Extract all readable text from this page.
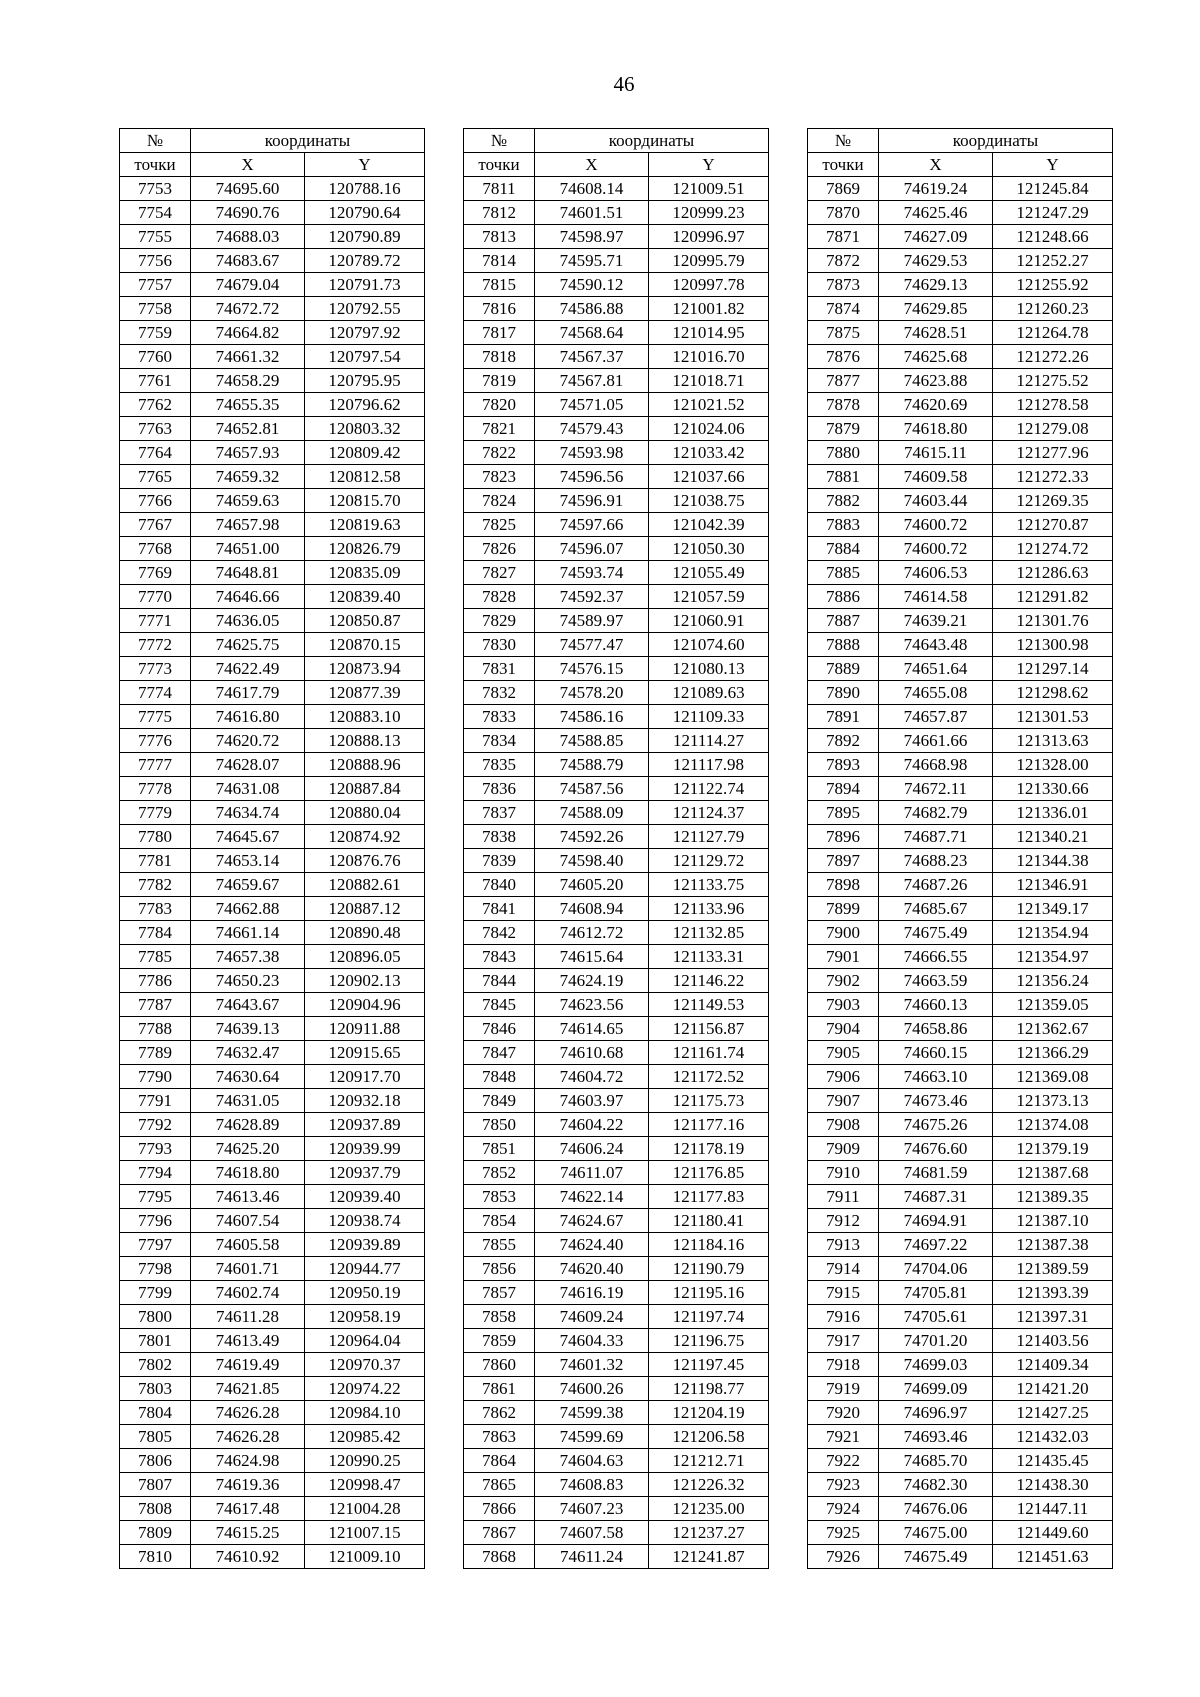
46
№	координаты	
точки	X	Y
7753	74695.60	120788.16
7754	74690.76	120790.64
7755	74688.03	120790.89
7756	74683.67	120789.72
7757	74679.04	120791.73
7758	74672.72	120792.55
7759	74664.82	120797.92
7760	74661.32	120797.54
7761	74658.29	120795.95
7762	74655.35	120796.62
7763	74652.81	120803.32
7764	74657.93	120809.42
7765	74659.32	120812.58
7766	74659.63	120815.70
7767	74657.98	120819.63
7768	74651.00	120826.79
7769	74648.81	120835.09
7770	74646.66	120839.40
7771	74636.05	120850.87
7772	74625.75	120870.15
7773	74622.49	120873.94
7774	74617.79	120877.39
7775	74616.80	120883.10
7776	74620.72	120888.13
7777	74628.07	120888.96
7778	74631.08	120887.84
7779	74634.74	120880.04
7780	74645.67	120874.92
7781	74653.14	120876.76
7782	74659.67	120882.61
7783	74662.88	120887.12
7784	74661.14	120890.48
7785	74657.38	120896.05
7786	74650.23	120902.13
7787	74643.67	120904.96
7788	74639.13	120911.88
7789	74632.47	120915.65
7790	74630.64	120917.70
7791	74631.05	120932.18
7792	74628.89	120937.89
7793	74625.20	120939.99
7794	74618.80	120937.79
7795	74613.46	120939.40
7796	74607.54	120938.74
7797	74605.58	120939.89
7798	74601.71	120944.77
7799	74602.74	120950.19
7800	74611.28	120958.19
7801	74613.49	120964.04
7802	74619.49	120970.37
7803	74621.85	120974.22
7804	74626.28	120984.10
7805	74626.28	120985.42
7806	74624.98	120990.25
7807	74619.36	120998.47
7808	74617.48	121004.28
7809	74615.25	121007.15
7810	74610.92	121009.10
№	координаты	
точки	X	Y
7811	74608.14	121009.51
7812	74601.51	120999.23
7813	74598.97	120996.97
7814	74595.71	120995.79
7815	74590.12	120997.78
7816	74586.88	121001.82
7817	74568.64	121014.95
7818	74567.37	121016.70
7819	74567.81	121018.71
7820	74571.05	121021.52
7821	74579.43	121024.06
7822	74593.98	121033.42
7823	74596.56	121037.66
7824	74596.91	121038.75
7825	74597.66	121042.39
7826	74596.07	121050.30
7827	74593.74	121055.49
7828	74592.37	121057.59
7829	74589.97	121060.91
7830	74577.47	121074.60
7831	74576.15	121080.13
7832	74578.20	121089.63
7833	74586.16	121109.33
7834	74588.85	121114.27
7835	74588.79	121117.98
7836	74587.56	121122.74
7837	74588.09	121124.37
7838	74592.26	121127.79
7839	74598.40	121129.72
7840	74605.20	121133.75
7841	74608.94	121133.96
7842	74612.72	121132.85
7843	74615.64	121133.31
7844	74624.19	121146.22
7845	74623.56	121149.53
7846	74614.65	121156.87
7847	74610.68	121161.74
7848	74604.72	121172.52
7849	74603.97	121175.73
7850	74604.22	121177.16
7851	74606.24	121178.19
7852	74611.07	121176.85
7853	74622.14	121177.83
7854	74624.67	121180.41
7855	74624.40	121184.16
7856	74620.40	121190.79
7857	74616.19	121195.16
7858	74609.24	121197.74
7859	74604.33	121196.75
7860	74601.32	121197.45
7861	74600.26	121198.77
7862	74599.38	121204.19
7863	74599.69	121206.58
7864	74604.63	121212.71
7865	74608.83	121226.32
7866	74607.23	121235.00
7867	74607.58	121237.27
7868	74611.24	121241.87
№	координаты	
точки	X	Y
7869	74619.24	121245.84
7870	74625.46	121247.29
7871	74627.09	121248.66
7872	74629.53	121252.27
7873	74629.13	121255.92
7874	74629.85	121260.23
7875	74628.51	121264.78
7876	74625.68	121272.26
7877	74623.88	121275.52
7878	74620.69	121278.58
7879	74618.80	121279.08
7880	74615.11	121277.96
7881	74609.58	121272.33
7882	74603.44	121269.35
7883	74600.72	121270.87
7884	74600.72	121274.72
7885	74606.53	121286.63
7886	74614.58	121291.82
7887	74639.21	121301.76
7888	74643.48	121300.98
7889	74651.64	121297.14
7890	74655.08	121298.62
7891	74657.87	121301.53
7892	74661.66	121313.63
7893	74668.98	121328.00
7894	74672.11	121330.66
7895	74682.79	121336.01
7896	74687.71	121340.21
7897	74688.23	121344.38
7898	74687.26	121346.91
7899	74685.67	121349.17
7900	74675.49	121354.94
7901	74666.55	121354.97
7902	74663.59	121356.24
7903	74660.13	121359.05
7904	74658.86	121362.67
7905	74660.15	121366.29
7906	74663.10	121369.08
7907	74673.46	121373.13
7908	74675.26	121374.08
7909	74676.60	121379.19
7910	74681.59	121387.68
7911	74687.31	121389.35
7912	74694.91	121387.10
7913	74697.22	121387.38
7914	74704.06	121389.59
7915	74705.81	121393.39
7916	74705.61	121397.31
7917	74701.20	121403.56
7918	74699.03	121409.34
7919	74699.09	121421.20
7920	74696.97	121427.25
7921	74693.46	121432.03
7922	74685.70	121435.45
7923	74682.30	121438.30
7924	74676.06	121447.11
7925	74675.00	121449.60
7926	74675.49	121451.63
